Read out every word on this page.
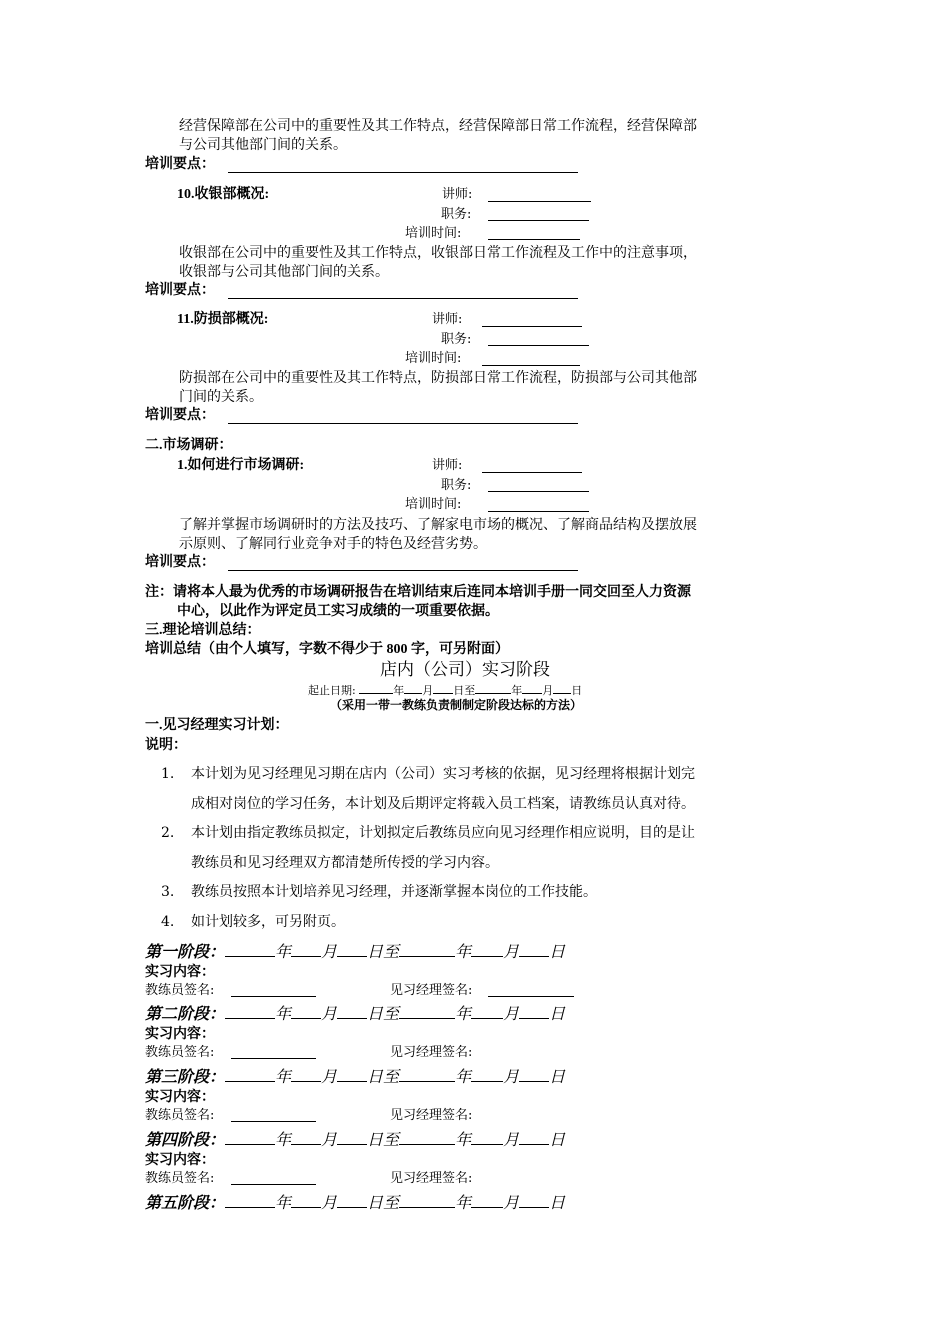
经营保障部在公司中的重要性及其工作特点，经营保障部日常工作流程，经营保障部
与公司其他部门间的关系。
培训要点：
10.收银部概况:	讲师:
职务:
培训时间:
收银部在公司中的重要性及其工作特点，收银部日常工作流程及工作中的注意事项，
收银部与公司其他部门间的关系。
培训要点：
11.防损部概况:	讲师:
职务:
培训时间:
防损部在公司中的重要性及其工作特点，防损部日常工作流程，防损部与公司其他部
门间的关系。
培训要点：
二.市场调研：
1.如何进行市场调研:	讲师:
职务:
培训时间:
了解并掌握市场调研时的方法及技巧、了解家电市场的概况、了解商品结构及摆放展
示原则、了解同行业竞争对手的特色及经营劣势。
培训要点：
注：请将本人最为优秀的市场调研报告在培训结束后连同本培训手册一同交回至人力资源
中心，以此作为评定员工实习成绩的一项重要依据。
三.理论培训总结：
培训总结（由个人填写，字数不得少于 800 字，可另附面）
店内（公司）实习阶段
起止日期:	年 月 日至	年 月 日
（采用一带一教练负责制制定阶段达标的方法）
一.见习经理实习计划：
说明：
1. 本计划为见习经理见习期在店内（公司）实习考核的依据，见习经理将根据计划完
成相对岗位的学习任务，本计划及后期评定将载入员工档案，请教练员认真对待。
2. 本计划由指定教练员拟定，计划拟定后教练员应向见习经理作相应说明，目的是让
教练员和见习经理双方都清楚所传授的学习内容。
3. 教练员按照本计划培养见习经理，并逐渐掌握本岗位的工作技能。
4. 如计划较多，可另附页。
第一阶段：	年 月 日至	年 月 日
实习内容：
教练员签名:	见习经理签名:
第二阶段：	年 月 日至	年 月 日
实习内容：
教练员签名:	见习经理签名:
第三阶段：	年 月 日至	年 月 日
实习内容：
教练员签名:	见习经理签名:
第四阶段：	年 月 日至	年 月 日
实习内容：
教练员签名:	见习经理签名:
第五阶段：	年 月 日至	年 月 日
